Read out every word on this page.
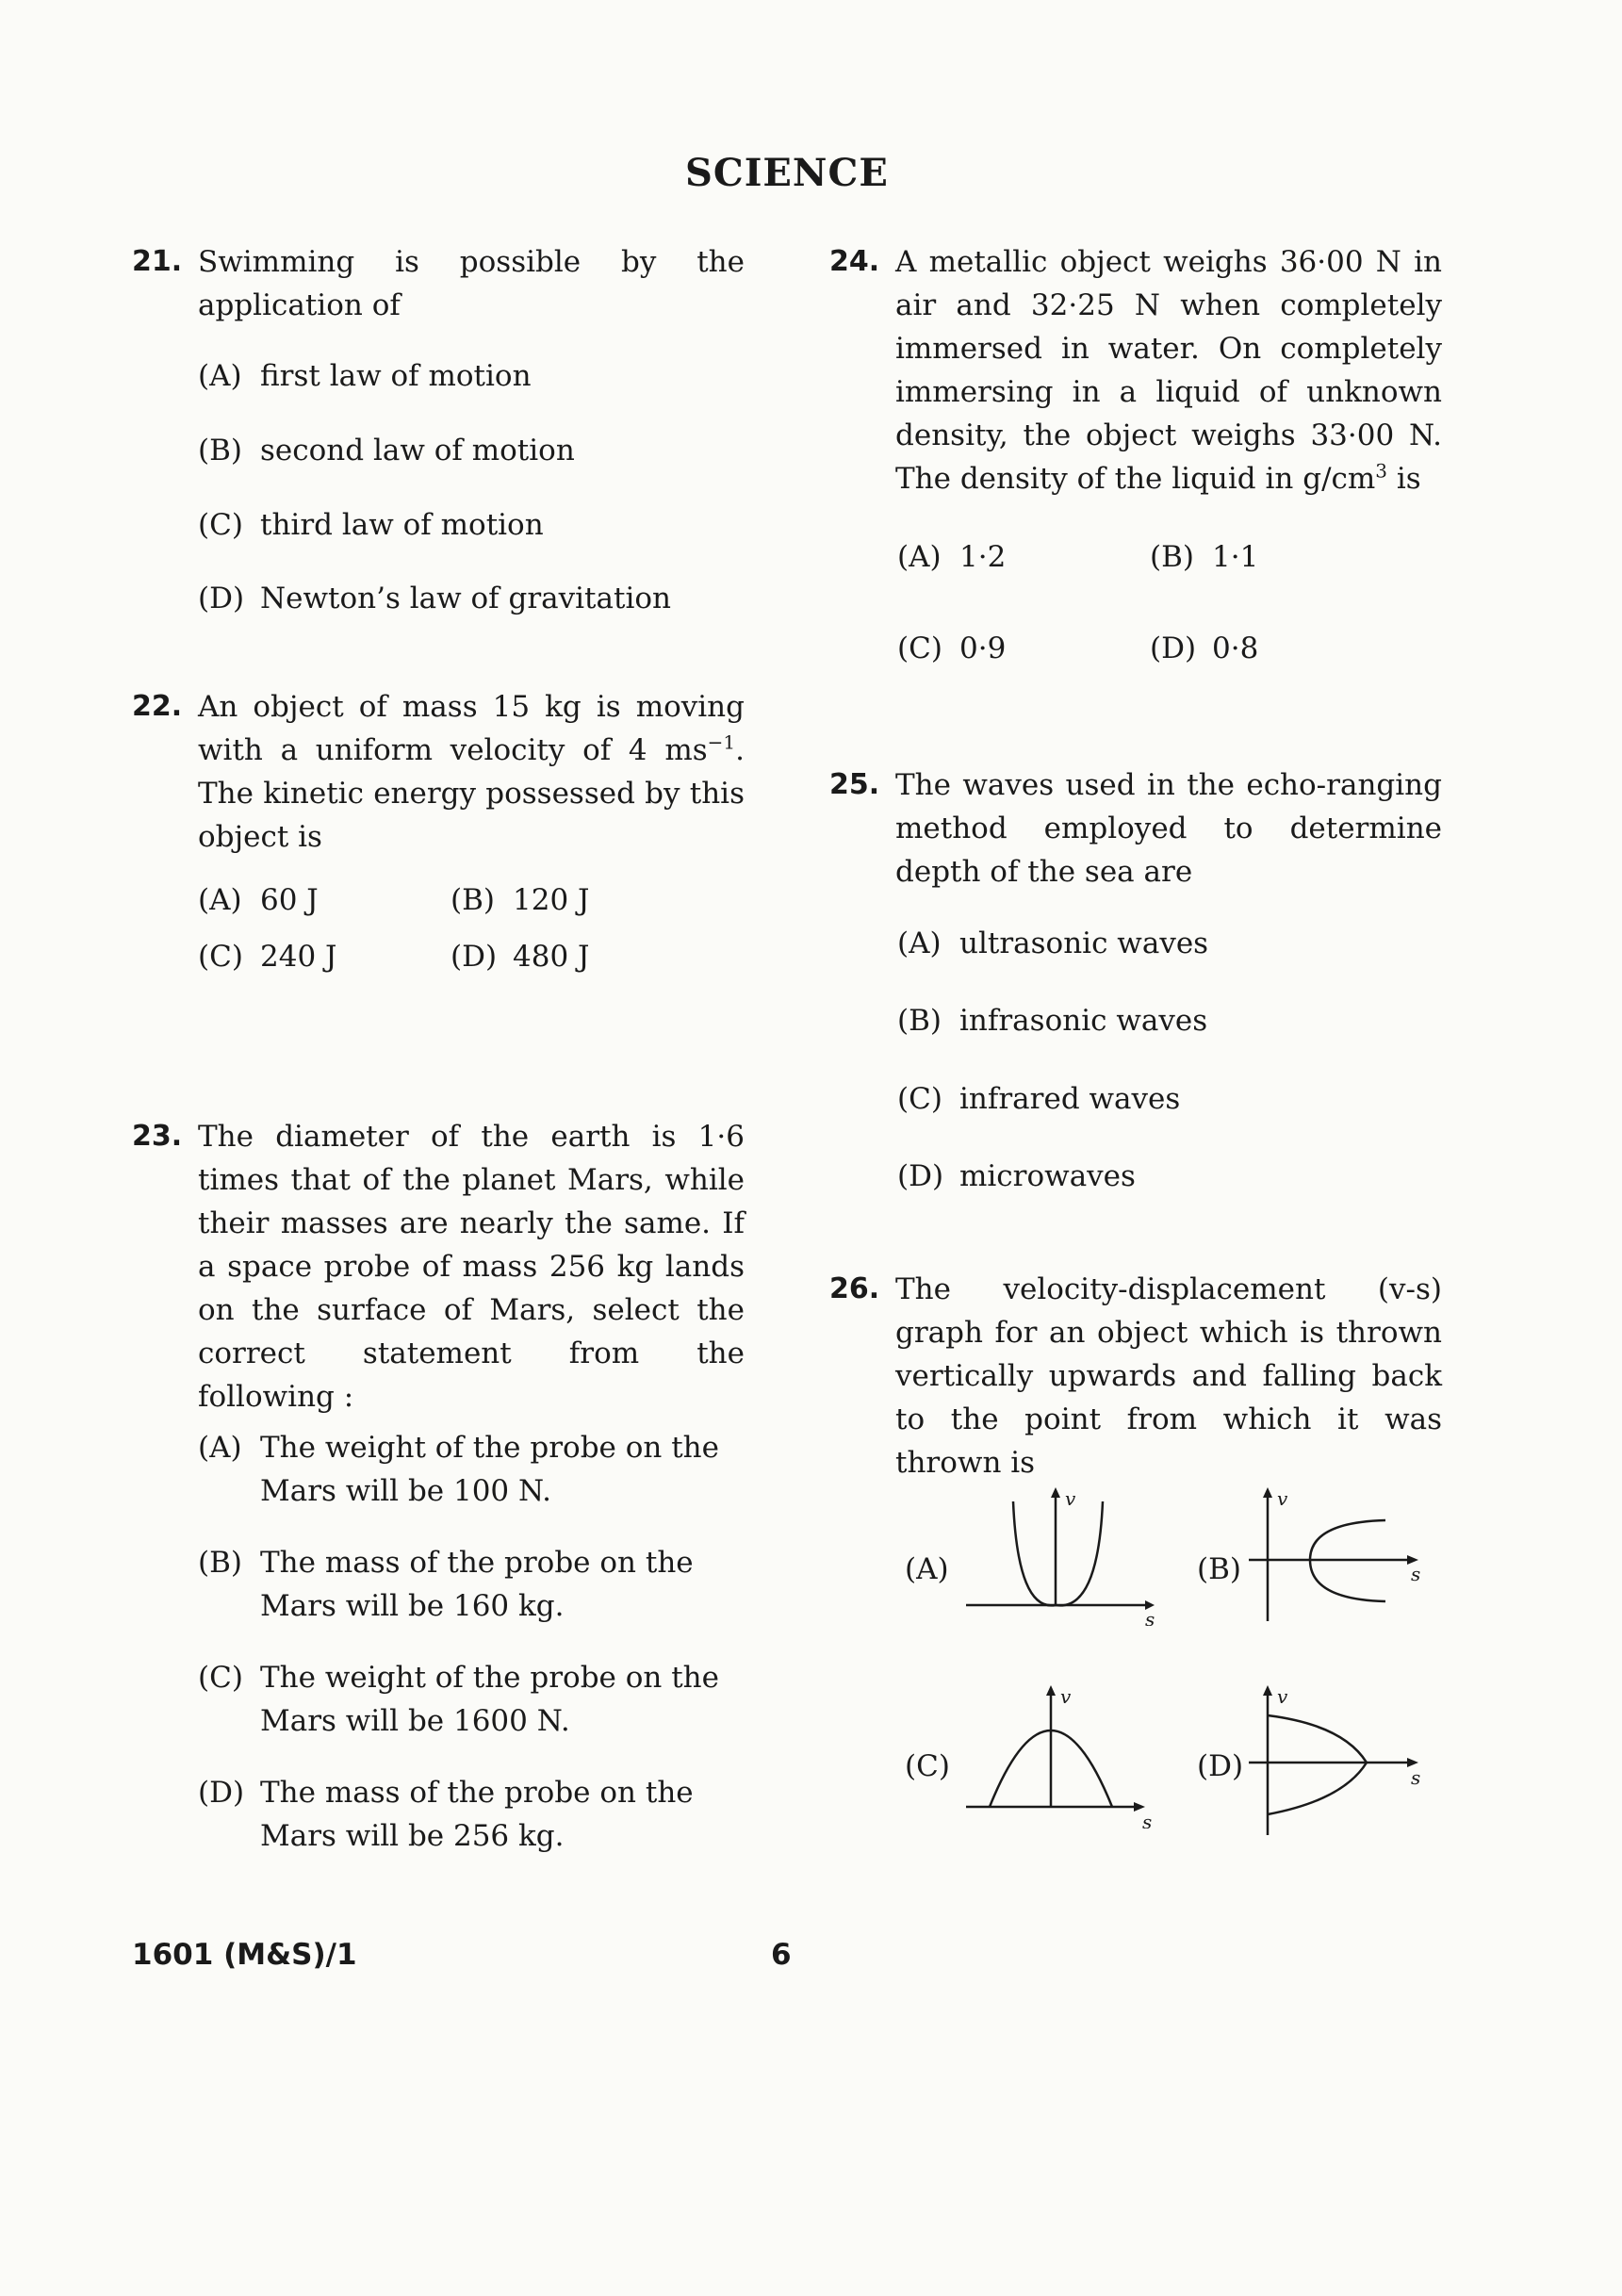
SCIENCE
21. Swimming is possible by the application of
(A) first law of motion
(B) second law of motion
(C) third law of motion
(D) Newton’s law of gravitation
22. An object of mass 15 kg is moving with a uniform velocity of 4 $ms^{-1}$. The kinetic energy possessed by this object is
(A) 60 J	(B) 120 J
(C) 240 J	(D) 480 J
23. The diameter of the earth is 1·6 times that of the planet Mars, while their masses are nearly the same. If a space probe of mass 256 kg lands on the surface of Mars, select the correct statement from the following :
(A) The weight of the probe on the Mars will be 100 N.
(B) The mass of the probe on the Mars will be 160 kg.
(C) The weight of the probe on the Mars will be 1600 N.
(D) The mass of the probe on the Mars will be 256 kg.
24. A metallic object weighs 36·00 N in air and 32·25 N when completely immersed in water. On completely immersing in a liquid of unknown density, the object weighs 33·00 N. The density of the liquid in $g/cm^3$ is
(A) 1·2	(B) 1·1
(C) 0·9	(D) 0·8
25. The waves used in the echo-ranging method employed to determine depth of the sea are
(A) ultrasonic waves
(B) infrasonic waves
(C) infrared waves
(D) microwaves
26. The velocity-displacement (v-s) graph for an object which is thrown vertically upwards and falling back to the point from which it was thrown is
(A)
v
s
(B)
v
s
(C)
v
s
(D)
v
s
1601 (M&S)/1	6
